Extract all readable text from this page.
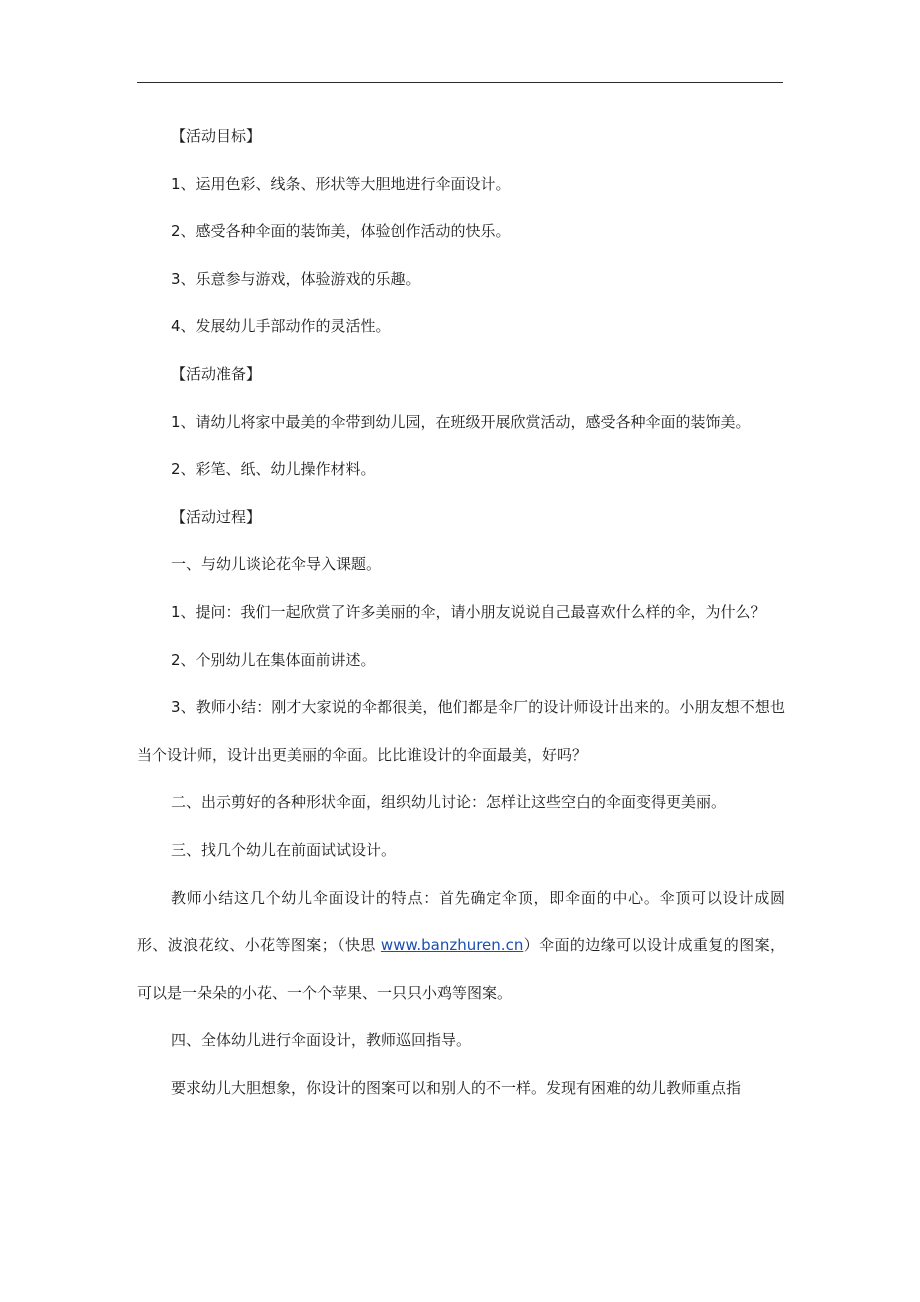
【活动目标】

1、运用色彩、线条、形状等大胆地进行伞面设计。

2、感受各种伞面的装饰美，体验创作活动的快乐。

3、乐意参与游戏，体验游戏的乐趣。

4、发展幼儿手部动作的灵活性。

【活动准备】

1、请幼儿将家中最美的伞带到幼儿园，在班级开展欣赏活动，感受各种伞面的装饰美。

2、彩笔、纸、幼儿操作材料。

【活动过程】

一、与幼儿谈论花伞导入课题。

1、提问：我们一起欣赏了许多美丽的伞，请小朋友说说自己最喜欢什么样的伞，为什么？

2、个别幼儿在集体面前讲述。

3、教师小结：刚才大家说的伞都很美，他们都是伞厂的设计师设计出来的。小朋友想不想也当个设计师，设计出更美丽的伞面。比比谁设计的伞面最美，好吗？

二、出示剪好的各种形状伞面，组织幼儿讨论：怎样让这些空白的伞面变得更美丽。

三、找几个幼儿在前面试试设计。

教师小结这几个幼儿伞面设计的特点：首先确定伞顶，即伞面的中心。伞顶可以设计成圆形、波浪花纹、小花等图案；（快思 www.banzhuren.cn）伞面的边缘可以设计成重复的图案，可以是一朵朵的小花、一个个苹果、一只只小鸡等图案。

四、全体幼儿进行伞面设计，教师巡回指导。

要求幼儿大胆想象，你设计的图案可以和别人的不一样。发现有困难的幼儿教师重点指
